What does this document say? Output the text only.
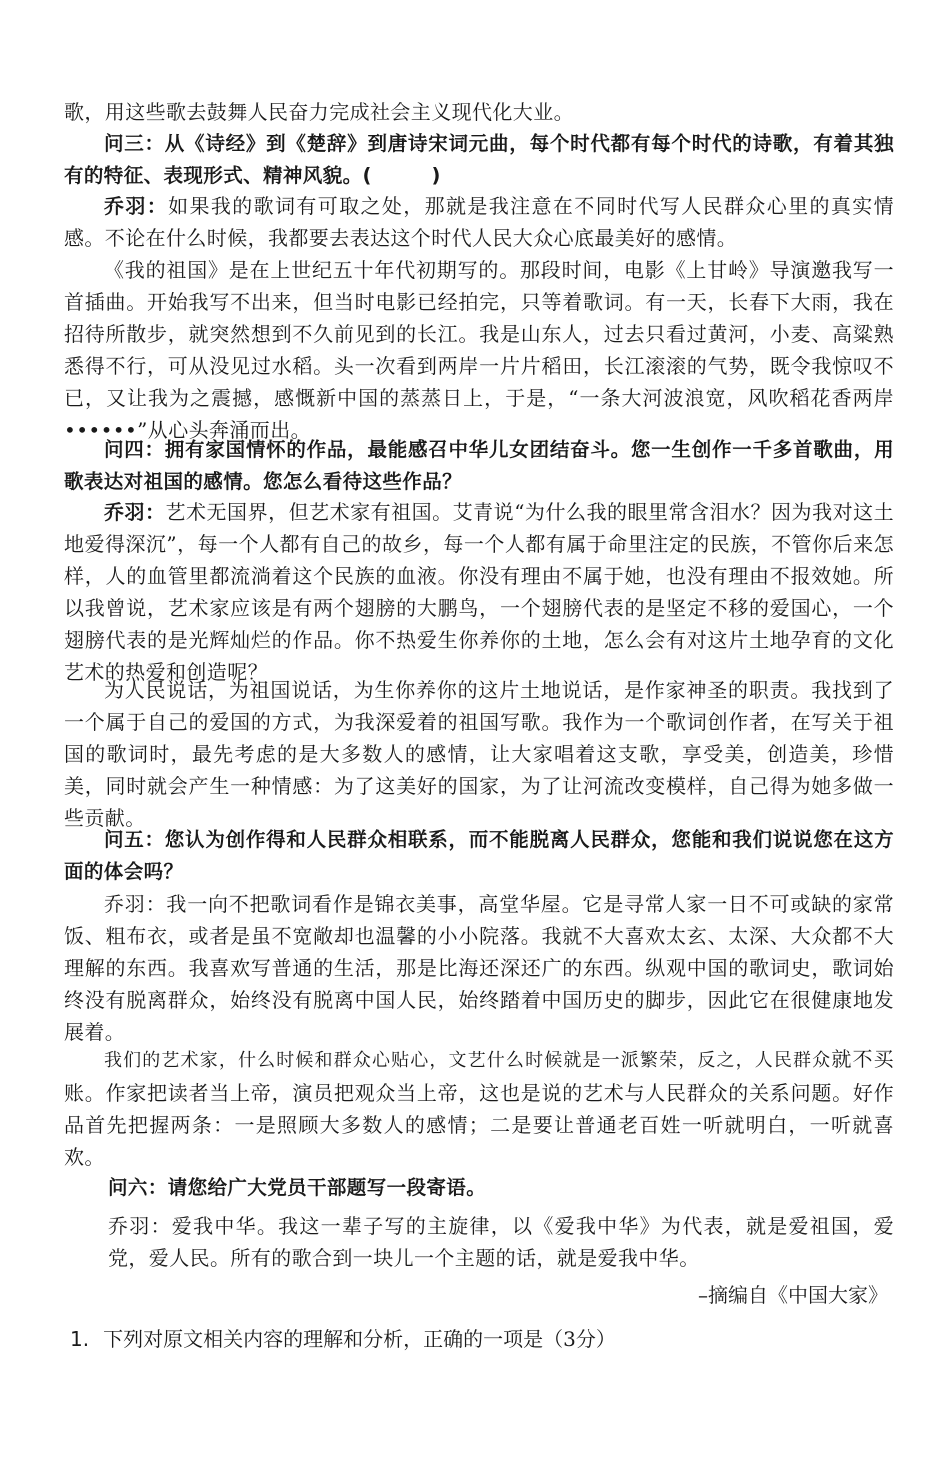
歌，用这些歌去鼓舞人民奋力完成社会主义现代化大业。

问三：从《诗经》到《楚辞》到唐诗宋词元曲，每个时代都有每个时代的诗歌，有着其独有的特征、表现形式、精神风貌。(　　　)

乔羽：如果我的歌词有可取之处，那就是我注意在不同时代写人民群众心里的真实情感。不论在什么时候，我都要去表达这个时代人民大众心底最美好的感情。

《我的祖国》是在上世纪五十年代初期写的。那段时间，电影《上甘岭》导演邀我写一首插曲。开始我写不出来，但当时电影已经拍完，只等着歌词。有一天，长春下大雨，我在招待所散步，就突然想到不久前见到的长江。我是山东人，过去只看过黄河，小麦、高粱熟悉得不行，可从没见过水稻。头一次看到两岸一片片稻田，长江滚滚的气势，既令我惊叹不已，又让我为之震撼，感慨新中国的蒸蒸日上，于是，“一条大河波浪宽，风吹稻花香两岸••••••”从心头奔涌而出。

问四：拥有家国情怀的作品，最能感召中华儿女团结奋斗。您一生创作一千多首歌曲，用歌表达对祖国的感情。您怎么看待这些作品？

乔羽：艺术无国界，但艺术家有祖国。艾青说“为什么我的眼里常含泪水？因为我对这土地爱得深沉”，每一个人都有自己的故乡，每一个人都有属于命里注定的民族，不管你后来怎样，人的血管里都流淌着这个民族的血液。你没有理由不属于她，也没有理由不报效她。所以我曾说，艺术家应该是有两个翅膀的大鹏鸟，一个翅膀代表的是坚定不移的爱国心，一个翅膀代表的是光辉灿烂的作品。你不热爱生你养你的土地，怎么会有对这片土地孕育的文化艺术的热爱和创造呢？

为人民说话，为祖国说话，为生你养你的这片土地说话，是作家神圣的职责。我找到了一个属于自己的爱国的方式，为我深爱着的祖国写歌。我作为一个歌词创作者，在写关于祖国的歌词时，最先考虑的是大多数人的感情，让大家唱着这支歌，享受美，创造美，珍惜美，同时就会产生一种情感：为了这美好的国家，为了让河流改变模样，自己得为她多做一些贡献。

问五：您认为创作得和人民群众相联系，而不能脱离人民群众，您能和我们说说您在这方面的体会吗？

乔羽：我一向不把歌词看作是锦衣美事，高堂华屋。它是寻常人家一日不可或缺的家常饭、粗布衣，或者是虽不宽敞却也温馨的小小院落。我就不大喜欢太玄、太深、大众都不大理解的东西。我喜欢写普通的生活，那是比海还深还广的东西。纵观中国的歌词史，歌词始终没有脱离群众，始终没有脱离中国人民，始终踏着中国历史的脚步，因此它在很健康地发展着。

我们的艺术家，什么时候和群众心贴心，文艺什么时候就是一派繁荣，反之，人民群众就不买账。作家把读者当上帝，演员把观众当上帝，这也是说的艺术与人民群众的关系问题。好作品首先把握两条：一是照顾大多数人的感情；二是要让普通老百姓一听就明白，一听就喜欢。

问六：请您给广大党员干部题写一段寄语。

乔羽：爱我中华。我这一辈子写的主旋律，以《爱我中华》为代表，就是爱祖国，爱党，爱人民。所有的歌合到一块儿一个主题的话，就是爱我中华。

–摘编自《中国大家》
1. 下列对原文相关内容的理解和分析，正确的一项是（3分）
